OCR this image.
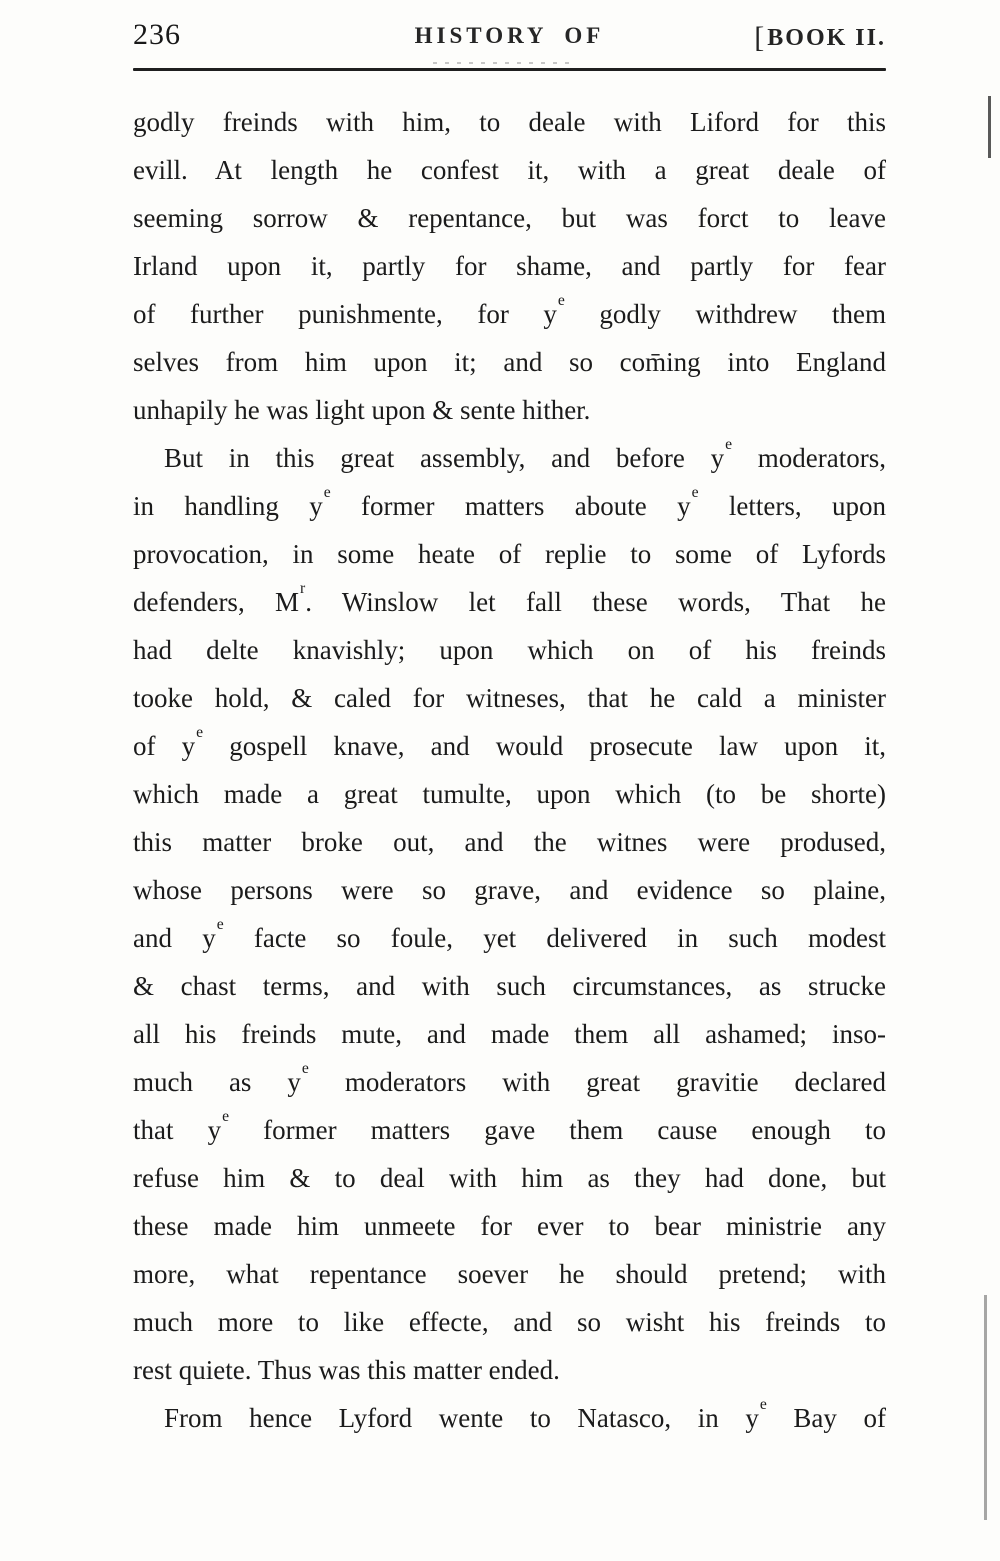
236	HISTORY OF	[BOOK II.
godly freinds with him, to deale with Liford for this
evill. At length he confest it, with a great deale of
seeming sorrow & repentance, but was forct to leave
Irland upon it, partly for shame, and partly for fear
of further punishmente, for $y^e$ godly withdrew them
selves from him upon it; and so com̄ing into England
unhapily he was light upon & sente hither.
But in this great assembly, and before $y^e$ moderators,
in handling $y^e$ former matters aboute $y^e$ letters, upon
provocation, in some heate of replie to some of Lyfords
defenders, $M^r$. Winslow let fall these words, That he
had delte knavishly; upon which on of his freinds
tooke hold, & caled for witneses, that he cald a minister
of $y^e$ gospell knave, and would prosecute law upon it,
which made a great tumulte, upon which (to be shorte)
this matter broke out, and the witnes were prodused,
whose persons were so grave, and evidence so plaine,
and $y^e$ facte so foule, yet delivered in such modest
& chast terms, and with such circumstances, as strucke
all his freinds mute, and made them all ashamed; inso-
much as $y^e$ moderators with great gravitie declared
that $y^e$ former matters gave them cause enough to
refuse him & to deal with him as they had done, but
these made him unmeete for ever to bear ministrie any
more, what repentance soever he should pretend; with
much more to like effecte, and so wisht his freinds to
rest quiete. Thus was this matter ended.
From hence Lyford wente to Natasco, in $y^e$ Bay of
